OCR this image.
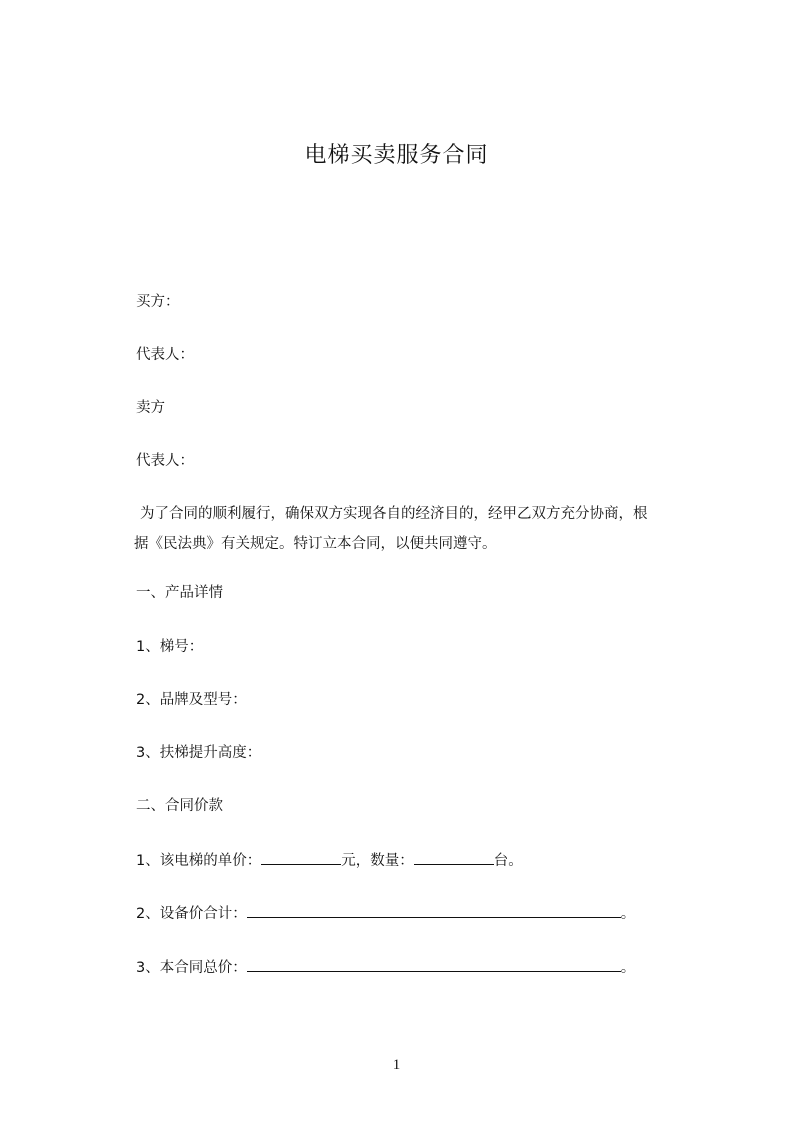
电梯买卖服务合同
买方：
代表人：
卖方
代表人：
为了合同的顺利履行，确保双方实现各自的经济目的，经甲乙双方充分协商，根
据《民法典》有关规定。特订立本合同，以便共同遵守。
一、产品详情
1、梯号：
2、品牌及型号：
3、扶梯提升高度：
二、合同价款
1、该电梯的单价：	元，数量：	台。
2、设备价合计：	。
3、本合同总价：	。
1
